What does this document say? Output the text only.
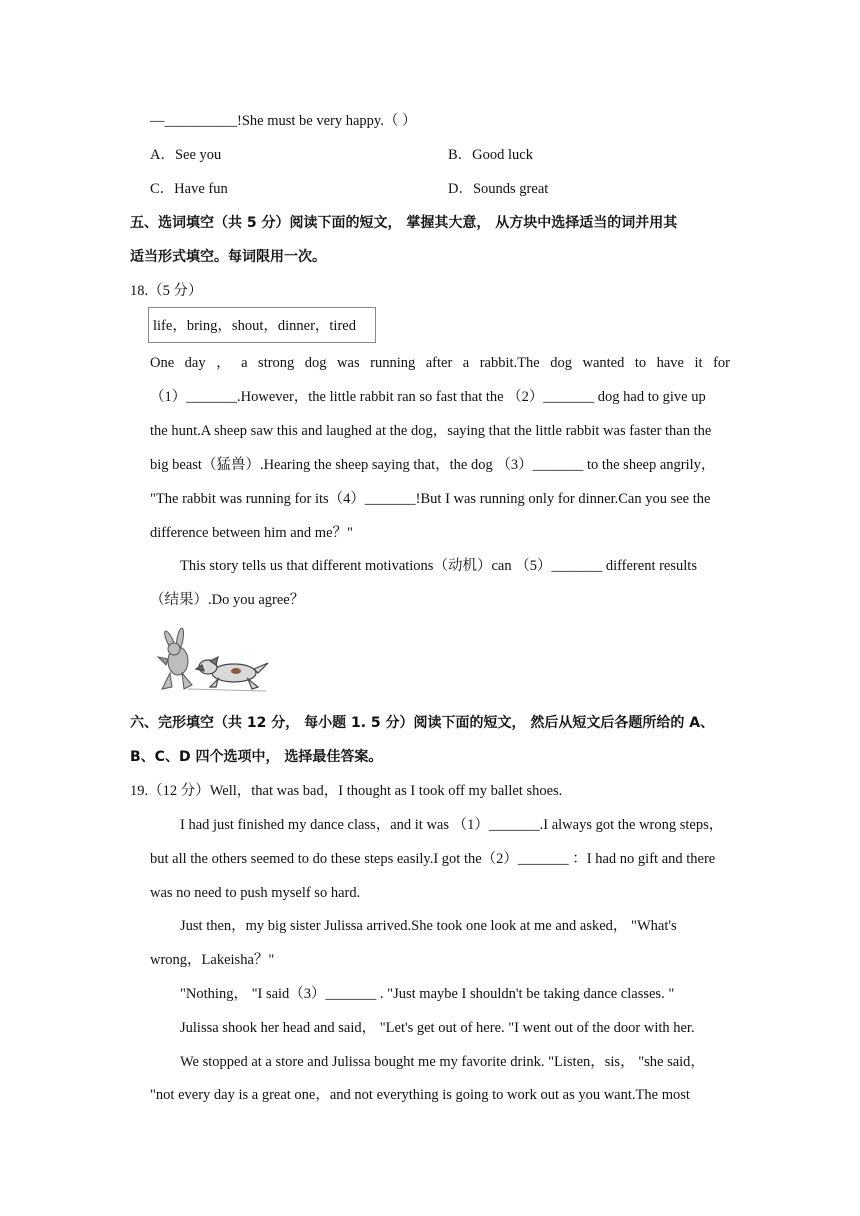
—__________!She must be very happy.（ ）
A．See you	B．Good luck
C．Have fun	D．Sounds great
五、选词填空（共 5 分）阅读下面的短文， 掌握其大意， 从方块中选择适当的词并用其
适当形式填空。每词限用一次。
18.（5 分）
life，bring，shout，dinner，tired
One day ， a strong dog was running after a rabbit.The dog wanted to have it for
（1）_______.However，the little rabbit ran so fast that the （2）_______ dog had to give up
the hunt.A sheep saw this and laughed at the dog，saying that the little rabbit was faster than the
big beast（猛兽）.Hearing the sheep saying that，the dog （3）_______ to the sheep angrily，
"The rabbit was running for its（4）_______!But I was running only for dinner.Can you see the
difference between him and me？"
This story tells us that different motivations（动机）can （5）_______ different results
（结果）.Do you agree？
六、完形填空（共 12 分， 每小题 1. 5 分）阅读下面的短文， 然后从短文后各题所给的 A、
B、C、D 四个选项中， 选择最佳答案。
19.（12 分）Well，that was bad，I thought as I took off my ballet shoes.
I had just finished my dance class，and it was （1）_______.I always got the wrong steps，
but all the others seemed to do these steps easily.I got the（2）_______ ：I had no gift and there
was no need to push myself so hard.
Just then，my big sister Julissa arrived.She took one look at me and asked， "What's
wrong，Lakeisha？"
"Nothing， "I said（3）_______ . "Just maybe I shouldn't be taking dance classes. "
Julissa shook her head and said， "Let's get out of here. "I went out of the door with her.
We stopped at a store and Julissa bought me my favorite drink. "Listen，sis， "she said，
"not every day is a great one，and not everything is going to work out as you want.The most
